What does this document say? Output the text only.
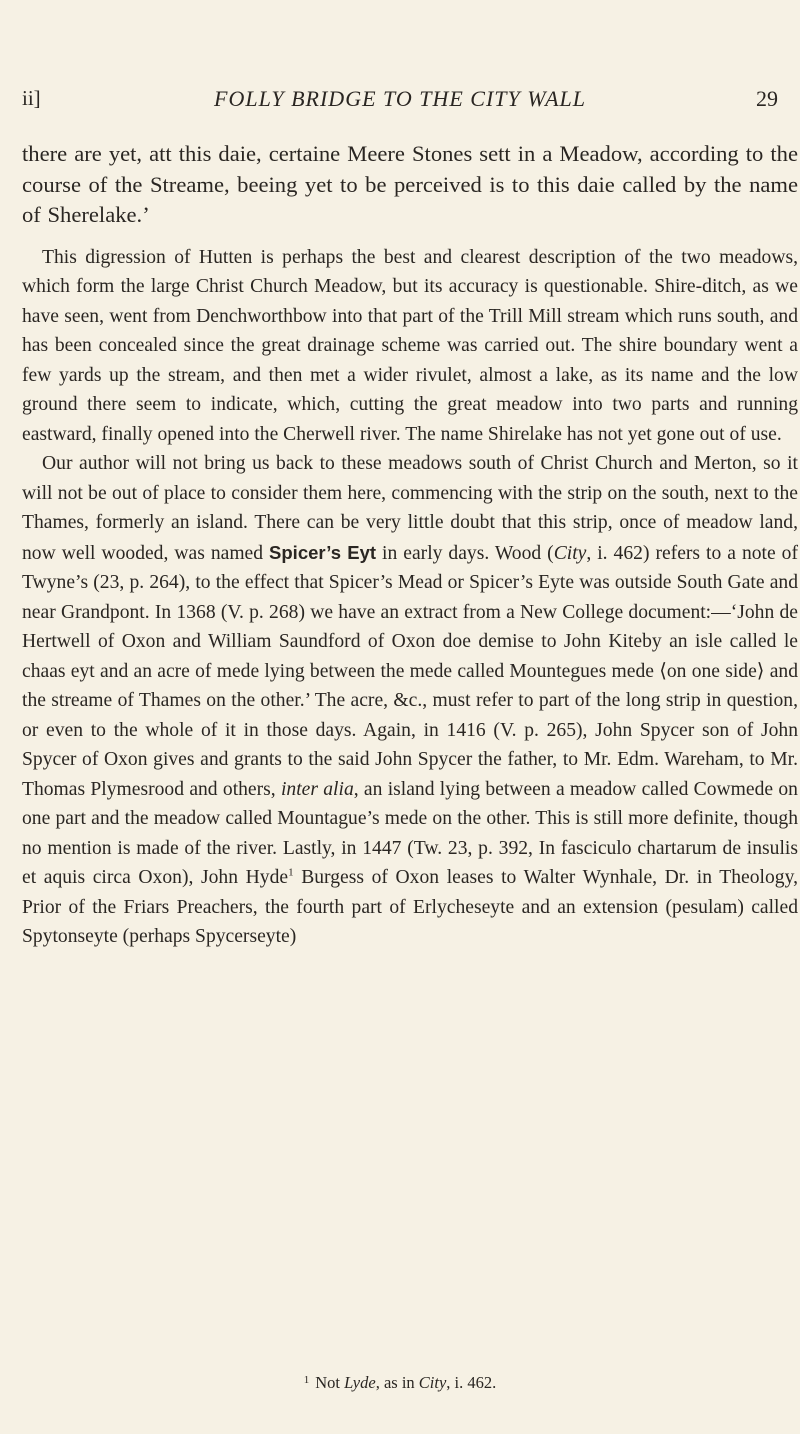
ii]	FOLLY BRIDGE TO THE CITY WALL	29

there are yet, att this daie, certaine Meere Stones sett in a Meadow, according to the course of the Streame, beeing yet to be perceived is to this daie called by the name of Sherelake.’

This digression of Hutten is perhaps the best and clearest description of the two meadows, which form the large Christ Church Meadow, but its accuracy is questionable. Shire-ditch, as we have seen, went from Denchworthbow into that part of the Trill Mill stream which runs south, and has been concealed since the great drainage scheme was carried out. The shire boundary went a few yards up the stream, and then met a wider rivulet, almost a lake, as its name and the low ground there seem to indicate, which, cutting the great meadow into two parts and running eastward, finally opened into the Cherwell river. The name Shirelake has not yet gone out of use.

Our author will not bring us back to these meadows south of Christ Church and Merton, so it will not be out of place to consider them here, commencing with the strip on the south, next to the Thames, formerly an island. There can be very little doubt that this strip, once of meadow land, now well wooded, was named Spicer’s Eyt in early days. Wood (City, i. 462) refers to a note of Twyne’s (23, p. 264), to the effect that Spicer’s Mead or Spicer’s Eyte was outside South Gate and near Grandpont. In 1368 (V. p. 268) we have an extract from a New College document:—‘John de Hertwell of Oxon and William Saundford of Oxon doe demise to John Kiteby an isle called le chaas eyt and an acre of mede lying between the mede called Mountegues mede ⟨on one side⟩ and the streame of Thames on the other.’ The acre, &c., must refer to part of the long strip in question, or even to the whole of it in those days. Again, in 1416 (V. p. 265), John Spycer son of John Spycer of Oxon gives and grants to the said John Spycer the father, to Mr. Edm. Wareham, to Mr. Thomas Plymesrood and others, inter alia, an island lying between a meadow called Cowmede on one part and the meadow called Mountague’s mede on the other. This is still more definite, though no mention is made of the river. Lastly, in 1447 (Tw. 23, p. 392, In fasciculo chartarum de insulis et aquis circa Oxon), John Hyde$^1$ Burgess of Oxon leases to Walter Wynhale, Dr. in Theology, Prior of the Friars Preachers, the fourth part of Erlycheseyte and an extension (pesulam) called Spytonseyte (perhaps Spycerseyte)

$^1$ Not Lyde, as in City, i. 462.
